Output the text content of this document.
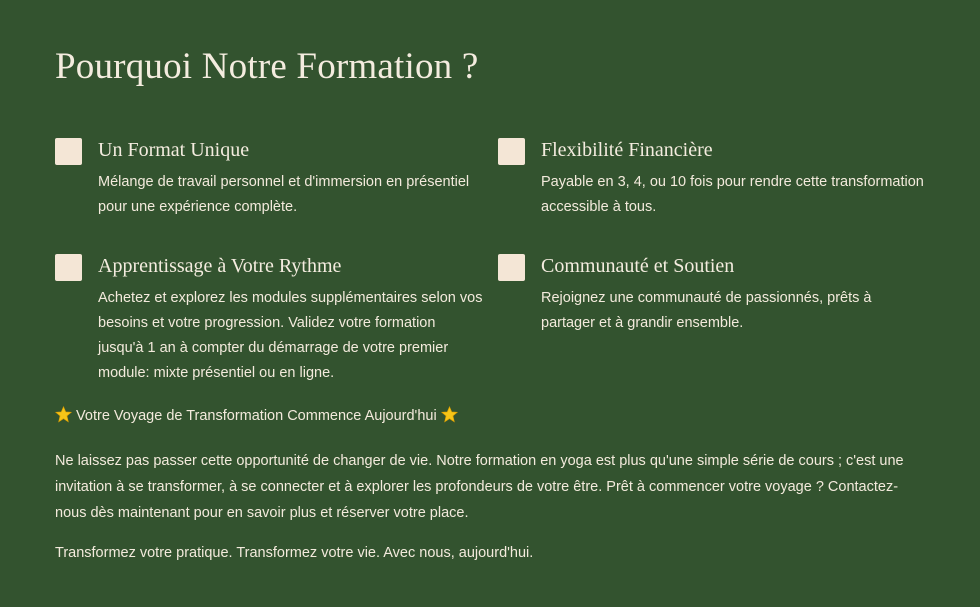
Pourquoi Notre Formation ?
Un Format Unique
Mélange de travail personnel et d'immersion en présentiel
pour une expérience complète.
Flexibilité Financière
Payable en 3, 4, ou 10 fois pour rendre cette transformation
accessible à tous.
Apprentissage à Votre Rythme
Achetez et explorez les modules supplémentaires selon vos
besoins et votre progression. Validez votre formation
jusqu'à 1 an à compter du démarrage de votre premier
module: mixte présentiel ou en ligne.
Communauté et Soutien
Rejoignez une communauté de passionnés, prêts à
partager et à grandir ensemble.
Votre Voyage de Transformation Commence Aujourd'hui
Ne laissez pas passer cette opportunité de changer de vie. Notre formation en yoga est plus qu'une simple série de cours ; c'est une
invitation à se transformer, à se connecter et à explorer les profondeurs de votre être. Prêt à commencer votre voyage ? Contactez-
nous dès maintenant pour en savoir plus et réserver votre place.

Transformez votre pratique. Transformez votre vie. Avec nous, aujourd'hui.
